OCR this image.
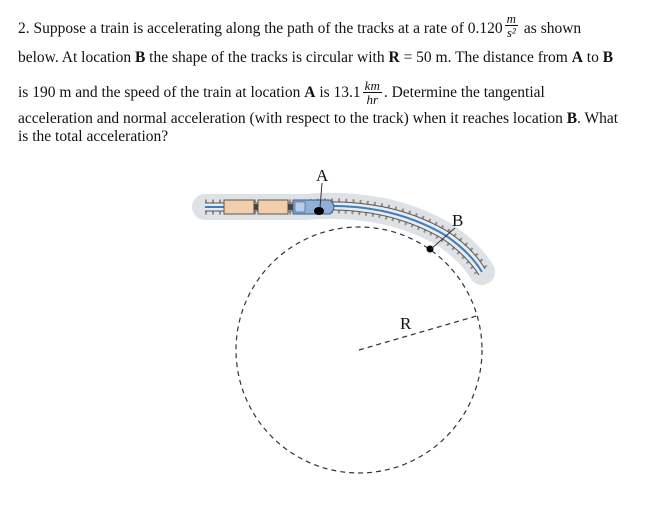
2. Suppose a train is accelerating along the path of the tracks at a rate of $0.120 \frac{m}{\text{s²}}$ as shown
below. At location B the shape of the tracks is circular with R = 50 m. The distance from A to B
is 190 m and the speed of the train at location A is $13.1 \frac{km}{hr}$ . Determine the tangential
acceleration and normal acceleration (with respect to the track) when it reaches location B. What
is the total acceleration?
A
B
R
